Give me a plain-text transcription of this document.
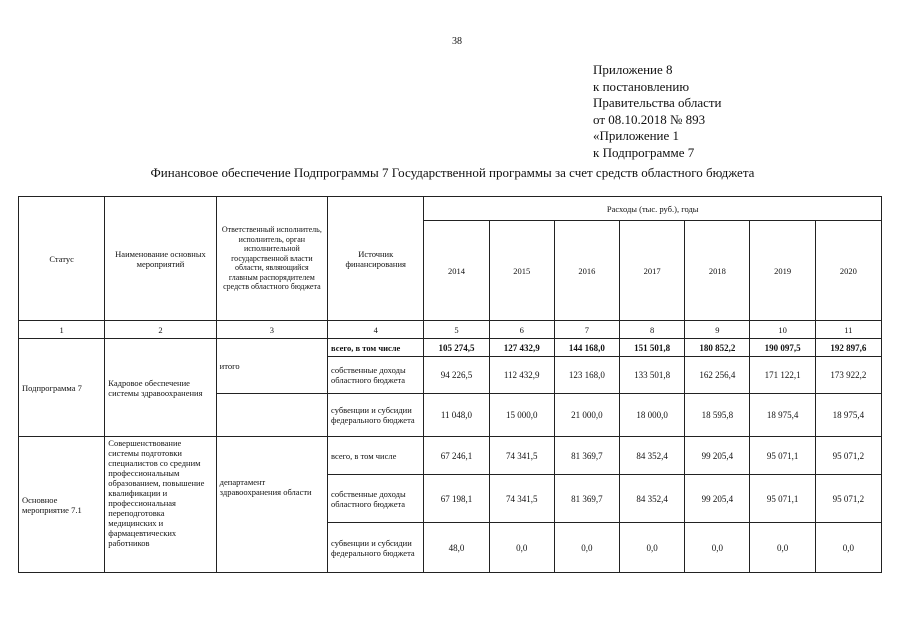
38
Приложение 8
к постановлению
Правительства области
от 08.10.2018 № 893
«Приложение 1
к Подпрограмме 7
Финансовое обеспечение Подпрограммы 7 Государственной программы за счет средств областного бюджета
Статус	Наименование основных мероприятий	Ответственный исполнитель, исполнитель, орган исполнительной государственной власти области, являющийся главным распорядителем средств областного бюджета	Источник финансирования	Расходы (тыс. руб.), годы						
				2014	2015	2016	2017	2018	2019	2020
1	2	3	4	5	6	7	8	9	10	11
Подпрограмма 7	Кадровое обеспечение системы здравоохранения	итого	всего, в том числе	105 274,5	127 432,9	144 168,0	151 501,8	180 852,2	190 097,5	192 897,6
			собственные доходы областного бюджета	94 226,5	112 432,9	123 168,0	133 501,8	162 256,4	171 122,1	173 922,2
			субвенции и субсидии федерального бюджета	11 048,0	15 000,0	21 000,0	18 000,0	18 595,8	18 975,4	18 975,4
Основное мероприятие 7.1	Совершенствование системы подготовки специалистов со средним профессиональным образованием, повышение квалификации и профессиональная переподготовка медицинских и фармацевтических работников	департамент здравоохранения области	всего, в том числе	67 246,1	74 341,5	81 369,7	84 352,4	99 205,4	95 071,1	95 071,2
			собственные доходы областного бюджета	67 198,1	74 341,5	81 369,7	84 352,4	99 205,4	95 071,1	95 071,2
			субвенции и субсидии федерального бюджета	48,0	0,0	0,0	0,0	0,0	0,0	0,0
